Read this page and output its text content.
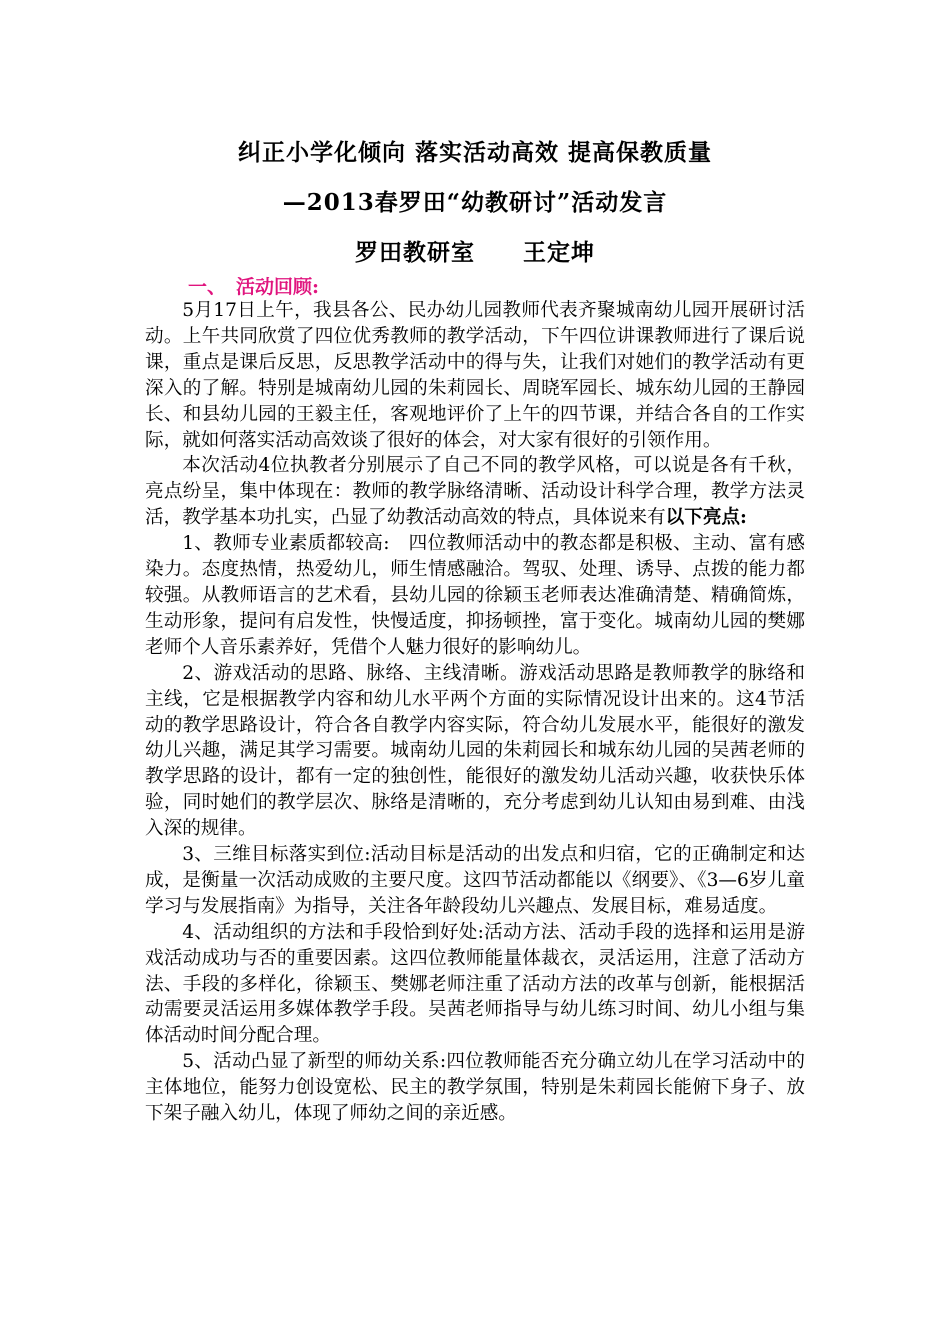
纠正小学化倾向 落实活动高效 提高保教质量
—2013春罗田“幼教研讨”活动发言
罗田教研室　　王定坤
一、 活动回顾:

5月17日上午，我县各公、民办幼儿园教师代表齐聚城南幼儿园开展研讨活动。上午共同欣赏了四位优秀教师的教学活动，下午四位讲课教师进行了课后说课，重点是课后反思，反思教学活动中的得与失，让我们对她们的教学活动有更深入的了解。特别是城南幼儿园的朱莉园长、周晓军园长、城东幼儿园的王静园长、和县幼儿园的王毅主任，客观地评价了上午的四节课，并结合各自的工作实际，就如何落实活动高效谈了很好的体会，对大家有很好的引领作用。

本次活动4位执教者分别展示了自己不同的教学风格，可以说是各有千秋，亮点纷呈，集中体现在：教师的教学脉络清晰、活动设计科学合理，教学方法灵活，教学基本功扎实，凸显了幼教活动高效的特点，具体说来有以下亮点:

1、教师专业素质都较高:　四位教师活动中的教态都是积极、主动、富有感染力。态度热情，热爱幼儿，师生情感融洽。驾驭、处理、诱导、点拨的能力都较强。从教师语言的艺术看，县幼儿园的徐颖玉老师表达准确清楚、精确简炼，生动形象，提问有启发性，快慢适度，抑扬顿挫，富于变化。城南幼儿园的樊娜老师个人音乐素养好，凭借个人魅力很好的影响幼儿。

2、游戏活动的思路、脉络、主线清晰。游戏活动思路是教师教学的脉络和主线，它是根据教学内容和幼儿水平两个方面的实际情况设计出来的。这4节活动的教学思路设计，符合各自教学内容实际，符合幼儿发展水平，能很好的激发幼儿兴趣，满足其学习需要。城南幼儿园的朱莉园长和城东幼儿园的吴茜老师的教学思路的设计，都有一定的独创性，能很好的激发幼儿活动兴趣，收获快乐体验，同时她们的教学层次、脉络是清晰的，充分考虑到幼儿认知由易到难、由浅入深的规律。

3、三维目标落实到位:活动目标是活动的出发点和归宿，它的正确制定和达成，是衡量一次活动成败的主要尺度。这四节活动都能以《纲要》、《3—6岁儿童学习与发展指南》为指导，关注各年龄段幼儿兴趣点、发展目标，难易适度。

4、活动组织的方法和手段恰到好处:活动方法、活动手段的选择和运用是游戏活动成功与否的重要因素。这四位教师能量体裁衣，灵活运用，注意了活动方法、手段的多样化，徐颖玉、樊娜老师注重了活动方法的改革与创新，能根据活动需要灵活运用多媒体教学手段。吴茜老师指导与幼儿练习时间、幼儿小组与集体活动时间分配合理。

5、活动凸显了新型的师幼关系:四位教师能否充分确立幼儿在学习活动中的主体地位，能努力创设宽松、民主的教学氛围，特别是朱莉园长能俯下身子、放下架子融入幼儿，体现了师幼之间的亲近感。
